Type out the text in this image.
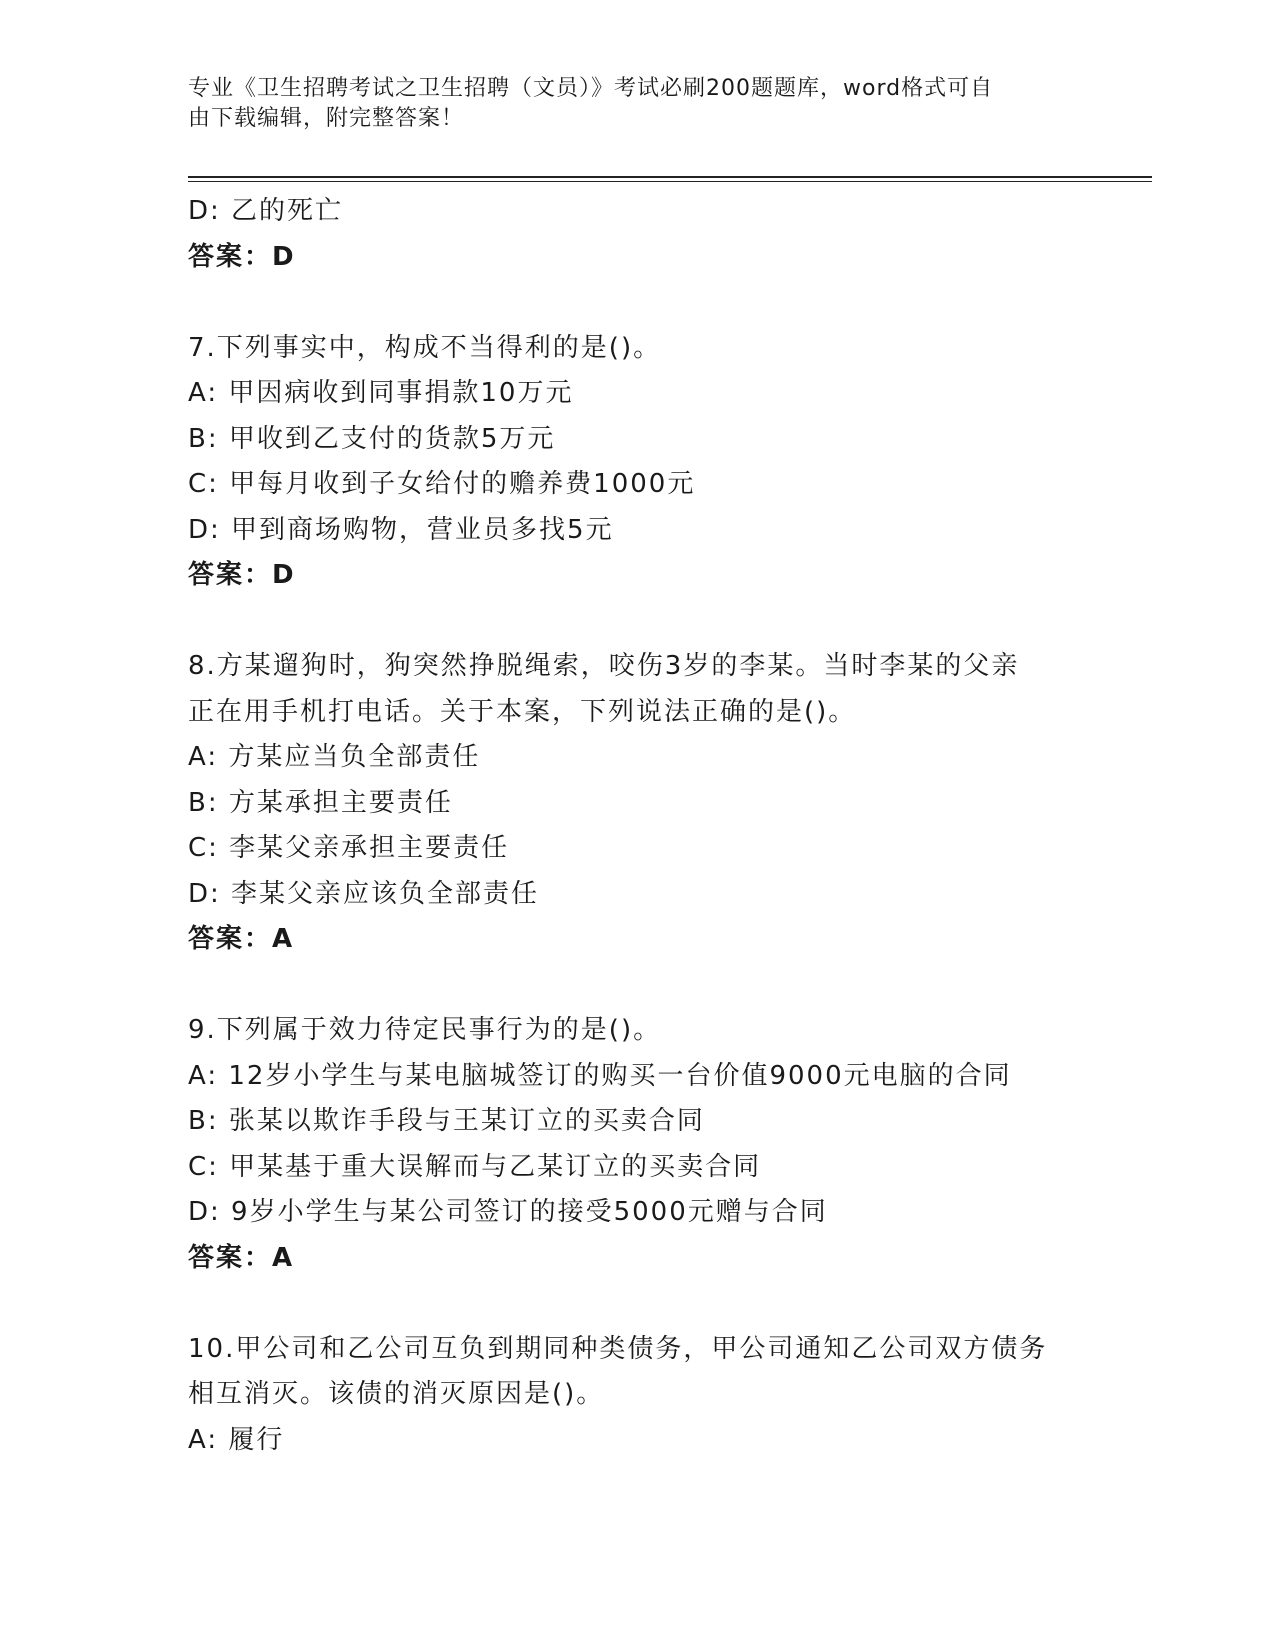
专业《卫生招聘考试之卫生招聘（文员）》考试必刷200题题库，word格式可自
由下载编辑，附完整答案！
D: 乙的死亡
答案：D
7.下列事实中，构成不当得利的是()。
A: 甲因病收到同事捐款10万元
B: 甲收到乙支付的货款5万元
C: 甲每月收到子女给付的赡养费1000元
D: 甲到商场购物，营业员多找5元
答案：D
8.方某遛狗时，狗突然挣脱绳索，咬伤3岁的李某。当时李某的父亲
正在用手机打电话。关于本案，下列说法正确的是()。
A: 方某应当负全部责任
B: 方某承担主要责任
C: 李某父亲承担主要责任
D: 李某父亲应该负全部责任
答案：A
9.下列属于效力待定民事行为的是()。
A: 12岁小学生与某电脑城签订的购买一台价值9000元电脑的合同
B: 张某以欺诈手段与王某订立的买卖合同
C: 甲某基于重大误解而与乙某订立的买卖合同
D: 9岁小学生与某公司签订的接受5000元赠与合同
答案：A
10.甲公司和乙公司互负到期同种类债务，甲公司通知乙公司双方债务
相互消灭。该债的消灭原因是()。
A: 履行
